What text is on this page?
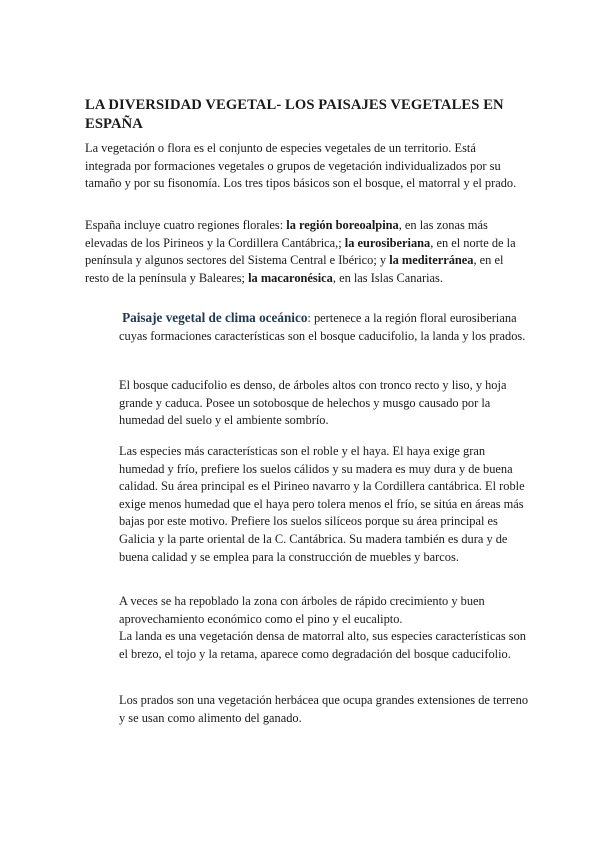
LA DIVERSIDAD VEGETAL- LOS PAISAJES VEGETALES EN ESPAÑA
La vegetación o flora es el conjunto de especies vegetales de un territorio. Está integrada por formaciones vegetales o grupos de vegetación individualizados por su tamaño y por su fisonomía. Los tres tipos básicos son el bosque, el matorral y el prado.
España incluye cuatro regiones florales: la región boreoalpina, en las zonas más elevadas de los Pirineos y la Cordillera Cantábrica,; la eurosiberiana, en el norte de la península y algunos sectores del Sistema Central e Ibérico; y la mediterránea, en el resto de la península y Baleares; la macaronésica, en las Islas Canarias.
Paisaje vegetal de clima oceánico: pertenece a la región floral eurosiberiana cuyas formaciones características son el bosque caducifolio, la landa y los prados.
El bosque caducifolio es denso, de árboles altos con tronco recto y liso, y hoja grande y caduca. Posee un sotobosque de helechos y musgo causado por la humedad del suelo y el ambiente sombrío.
Las especies más características son el roble y el haya. El haya exige gran humedad y frío, prefiere los suelos cálidos y su madera es muy dura y de buena calidad. Su área principal es el Pirineo navarro y la Cordillera cantábrica. El roble exige menos humedad que el haya pero tolera menos el frío, se sitúa en áreas más bajas por este motivo. Prefiere los suelos silíceos porque su área principal es Galicia y la parte oriental de la C. Cantábrica. Su madera también es dura y de buena calidad y se emplea para la construcción de muebles y barcos.
A veces se ha repoblado la zona con árboles de rápido crecimiento y buen aprovechamiento económico como el pino y el eucalipto.
La landa es una vegetación densa de matorral alto, sus especies características son el brezo, el tojo y la retama, aparece como degradación del bosque caducifolio.
Los prados son una vegetación herbácea que ocupa grandes extensiones de terreno y se usan como alimento del ganado.
